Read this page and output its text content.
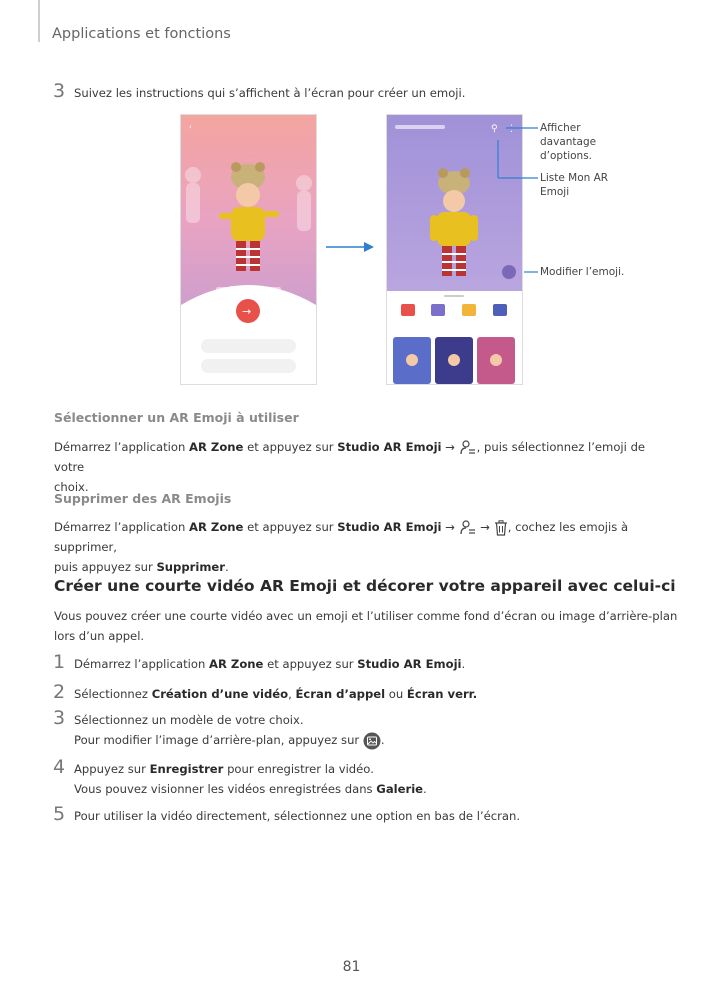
Applications et fonctions
3 Suivez les instructions qui s’affichent à l’écran pour créer un emoji.
‹
→
⚲ ⋮ Afficher
davantage
d’options.
Liste Mon AR
Emoji
Modifier l’emoji.
Sélectionner un AR Emoji à utiliser
Démarrez l’application AR Zone et appuyez sur Studio AR Emoji → , puis sélectionnez l’emoji de votre
choix.
Supprimer des AR Emojis
Démarrez l’application AR Zone et appuyez sur Studio AR Emoji →  → , cochez les emojis à supprimer,
puis appuyez sur Supprimer.
Créer une courte vidéo AR Emoji et décorer votre appareil avec celui-ci
Vous pouvez créer une courte vidéo avec un emoji et l’utiliser comme fond d’écran ou image d’arrière-plan
lors d’un appel.
1 Démarrez l’application AR Zone et appuyez sur Studio AR Emoji.
2 Sélectionnez Création d’une vidéo, Écran d’appel ou Écran verr.
3 Sélectionnez un modèle de votre choix.
Pour modifier l’image d’arrière-plan, appuyez sur .
4 Appuyez sur Enregistrer pour enregistrer la vidéo.
Vous pouvez visionner les vidéos enregistrées dans Galerie.
5 Pour utiliser la vidéo directement, sélectionnez une option en bas de l’écran.
81
